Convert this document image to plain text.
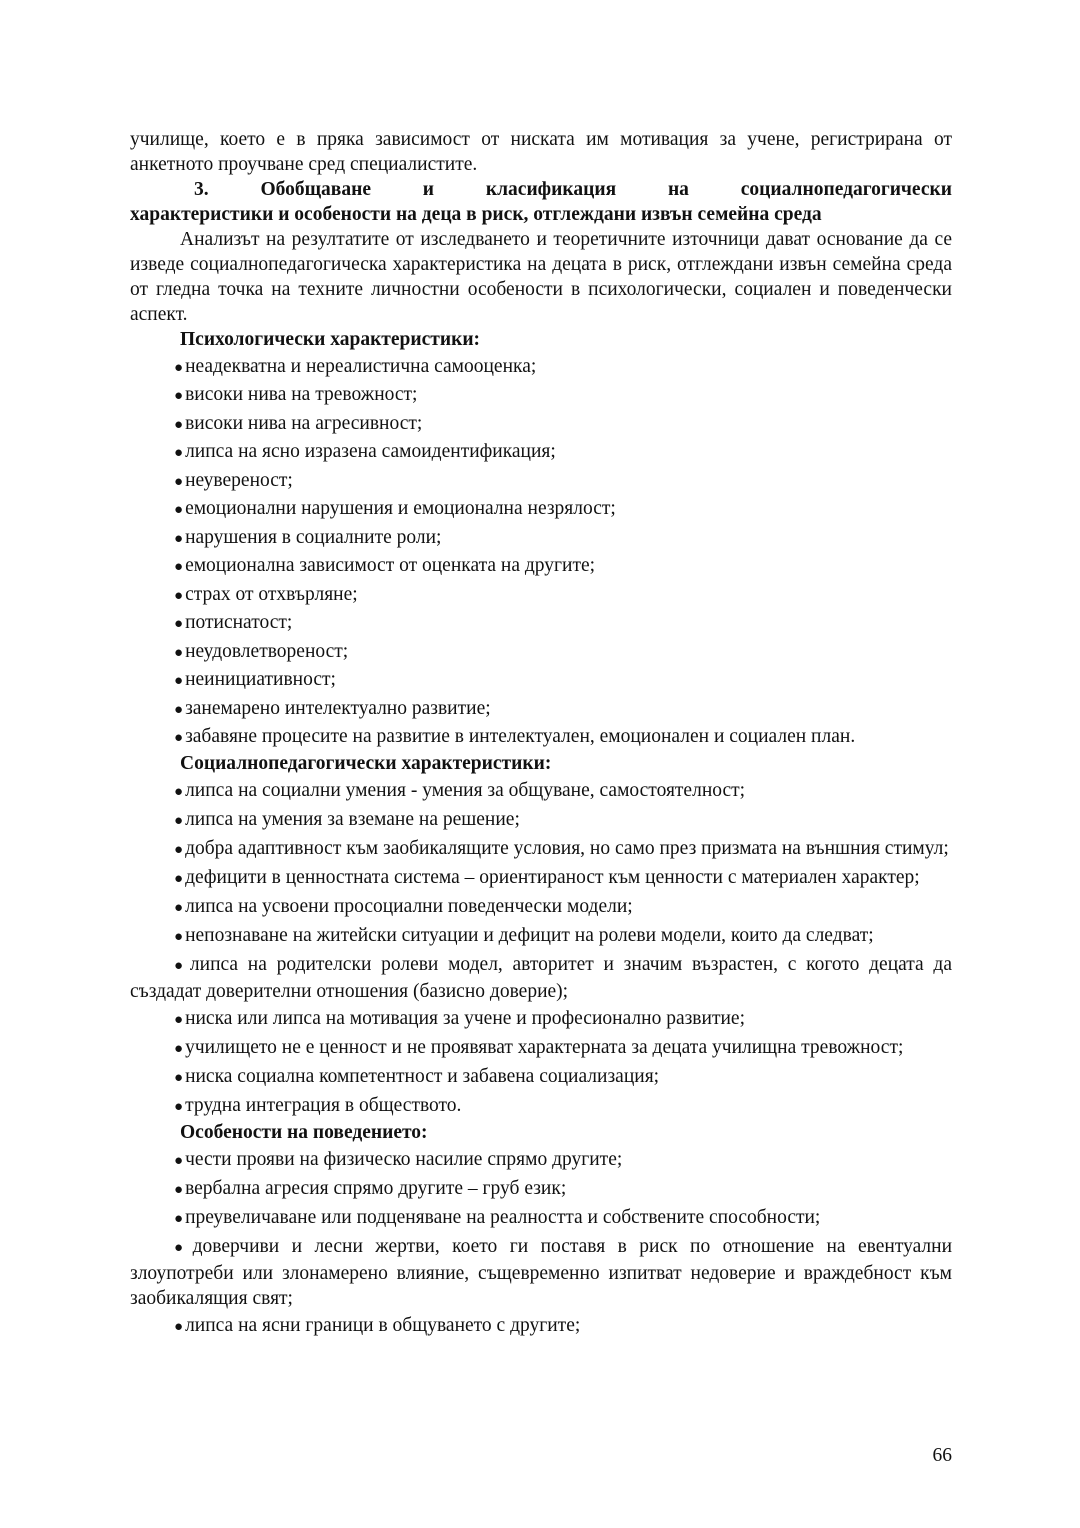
училище, което е в пряка зависимост от ниската им мотивация за учене, регистрирана от анкетното проучване сред специалистите.

3.	Обобщаване	и	класификация	на	социалнопедагогически

характеристики и особености на деца в риск, отглеждани извън семейна среда

Анализът на резултатите от изследването и теоретичните източници дават основание да се изведе социалнопедагогическа характеристика на децата в риск, отглеждани извън семейна среда от гледна точка на техните личностни особености в психологически, социален и поведенчески аспект.

Психологически характеристики:

● неадекватна и нереалистична самооценка;
● високи нива на тревожност;
● високи нива на агресивност;
● липса на ясно изразена самоидентификация;
● неувереност;
● емоционални нарушения и емоционална незрялост;
● нарушения в социалните роли;
● емоционална зависимост от оценката на другите;
● страх от отхвърляне;
● потиснатост;
● неудовлетвореност;
● неинициативност;
● занемарено интелектуално развитие;
● забавяне процесите на развитие в интелектуален, емоционален и социален план.

Социалнопедагогически характеристики:

● липса на социални умения - умения за общуване, самостоятелност;
● липса на умения за вземане на решение;
● добра адаптивност към заобикалящите условия, но само през призмата на външния стимул;
● дефицити в ценностната система – ориентираност към ценности с материален характер;
● липса на усвоени просоциални поведенчески модели;
● непознаване на житейски ситуации и дефицит на ролеви модели, които да следват;
● липса на родителски ролеви модел, авторитет и значим възрастен, с когото децата да създадат доверителни отношения (базисно доверие);
● ниска или липса на мотивация за учене и професионално развитие;
● училището не е ценност и не проявяват характерната за децата училищна тревожност;
● ниска социална компетентност и забавена социализация;
● трудна интеграция в обществото.

Особености на поведението:

● чести прояви на физическо насилие спрямо другите;
● вербална агресия спрямо другите – груб език;
● преувеличаване или подценяване на реалността и собствените способности;
● доверчиви и лесни жертви, което ги поставя в риск по отношение на евентуални злоупотреби или злонамерено влияние, същевременно изпитват недоверие и враждебност към заобикалящия свят;
● липса на ясни граници в общуването с другите;
66
